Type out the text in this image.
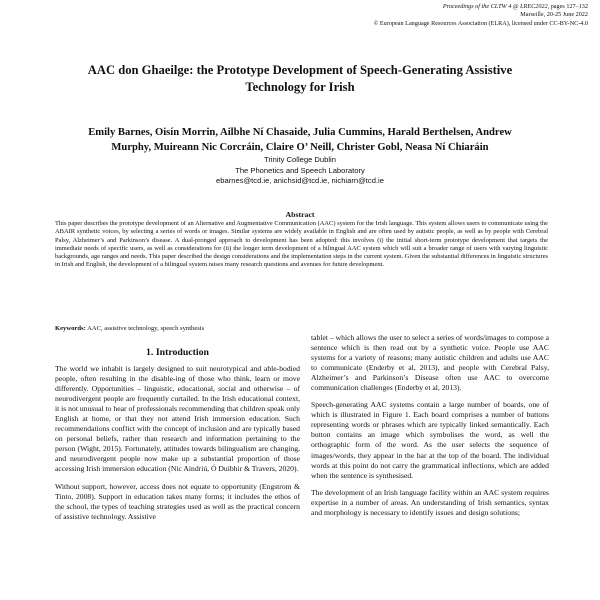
Proceedings of the CLTW 4 @ LREC2022, pages 127–132
Marseille, 20-25 June 2022
© European Language Resources Association (ELRA), licensed under CC-BY-NC-4.0
AAC don Ghaeilge: the Prototype Development of Speech-Generating Assistive
Technology for Irish
Emily Barnes, Oisín Morrin, Ailbhe Ní Chasaide, Julia Cummins, Harald Berthelsen, Andrew
Murphy, Muireann Nic Corcráin, Claire O’ Neill, Christer Gobl, Neasa Ní Chiaráin
Trinity College Dublin
The Phonetics and Speech Laboratory
ebarnes@tcd.ie, anichsid@tcd.ie, nichiarn@tcd.ie
Abstract
This paper describes the prototype development of an Alternative and Augmentative Communication (AAC) system for the Irish language. This system allows users to communicate using the ABAIR synthetic voices, by selecting a series of words or images. Similar systems are widely available in English and are often used by autistic people, as well as by people with Cerebral Palsy, Alzheimer’s and Parkinson’s disease. A dual-pronged approach to development has been adopted: this involves (i) the initial short-term prototype development that targets the immediate needs of specific users, as well as considerations for (ii) the longer term development of a bilingual AAC system which will suit a broader range of users with varying linguistic backgrounds, age ranges and needs. This paper described the design considerations and the implementation steps in the current system. Given the substantial differences in linguistic structures in Irish and English, the development of a bilingual system raises many research questions and avenues for future development.
Keywords: AAC, assistive technology, speech synthesis
1. Introduction

The world we inhabit is largely designed to suit neurotypical and able-bodied people, often resulting in the disable-ing of those who think, learn or move differently. Opportunities – linguistic, educational, social and otherwise – of neurodivergent people are frequently curtailed. In the Irish educational context, it is not unusual to hear of professionals recommending that children speak only English at home, or that they not attend Irish immersion education. Such recommendations conflict with the concept of inclusion and are typically based on personal beliefs, rather than research and information pertaining to the person (Wight, 2015). Fortunately, attitudes towards bilingualism are changing, and neurodivergent people now make up a substantial proportion of those accessing Irish immersion education (Nic Aindriú, Ó Duibhir & Travers, 2020).

Without support, however, access does not equate to opportunity (Engstrom & Tinto, 2008). Support in education takes many forms; it includes the ethos of the school, the types of teaching strategies used as well as the practical concern of assistive technology. Assistive

tablet – which allows the user to select a series of words/images to compose a sentence which is then read out by a synthetic voice. People use AAC systems for a variety of reasons; many autistic children and adults use AAC to communicate (Enderby et al, 2013), and people with Cerebral Palsy, Alzheimer’s and Parkinson’s Disease often use AAC to overcome communication challenges (Enderby et al, 2013).

Speech-generating AAC systems contain a large number of boards, one of which is illustrated in Figure 1. Each board comprises a number of buttons representing words or phrases which are typically linked semantically. Each button contains an image which symbolises the word, as well the orthographic form of the word. As the user selects the sequence of images/words, they appear in the bar at the top of the board. The individual words at this point do not carry the grammatical inflections, which are added when the sentence is synthesised.

The development of an Irish language facility within an AAC system requires expertise in a number of areas. An understanding of Irish semantics, syntax and morphology is necessary to identify issues and design solutions;
